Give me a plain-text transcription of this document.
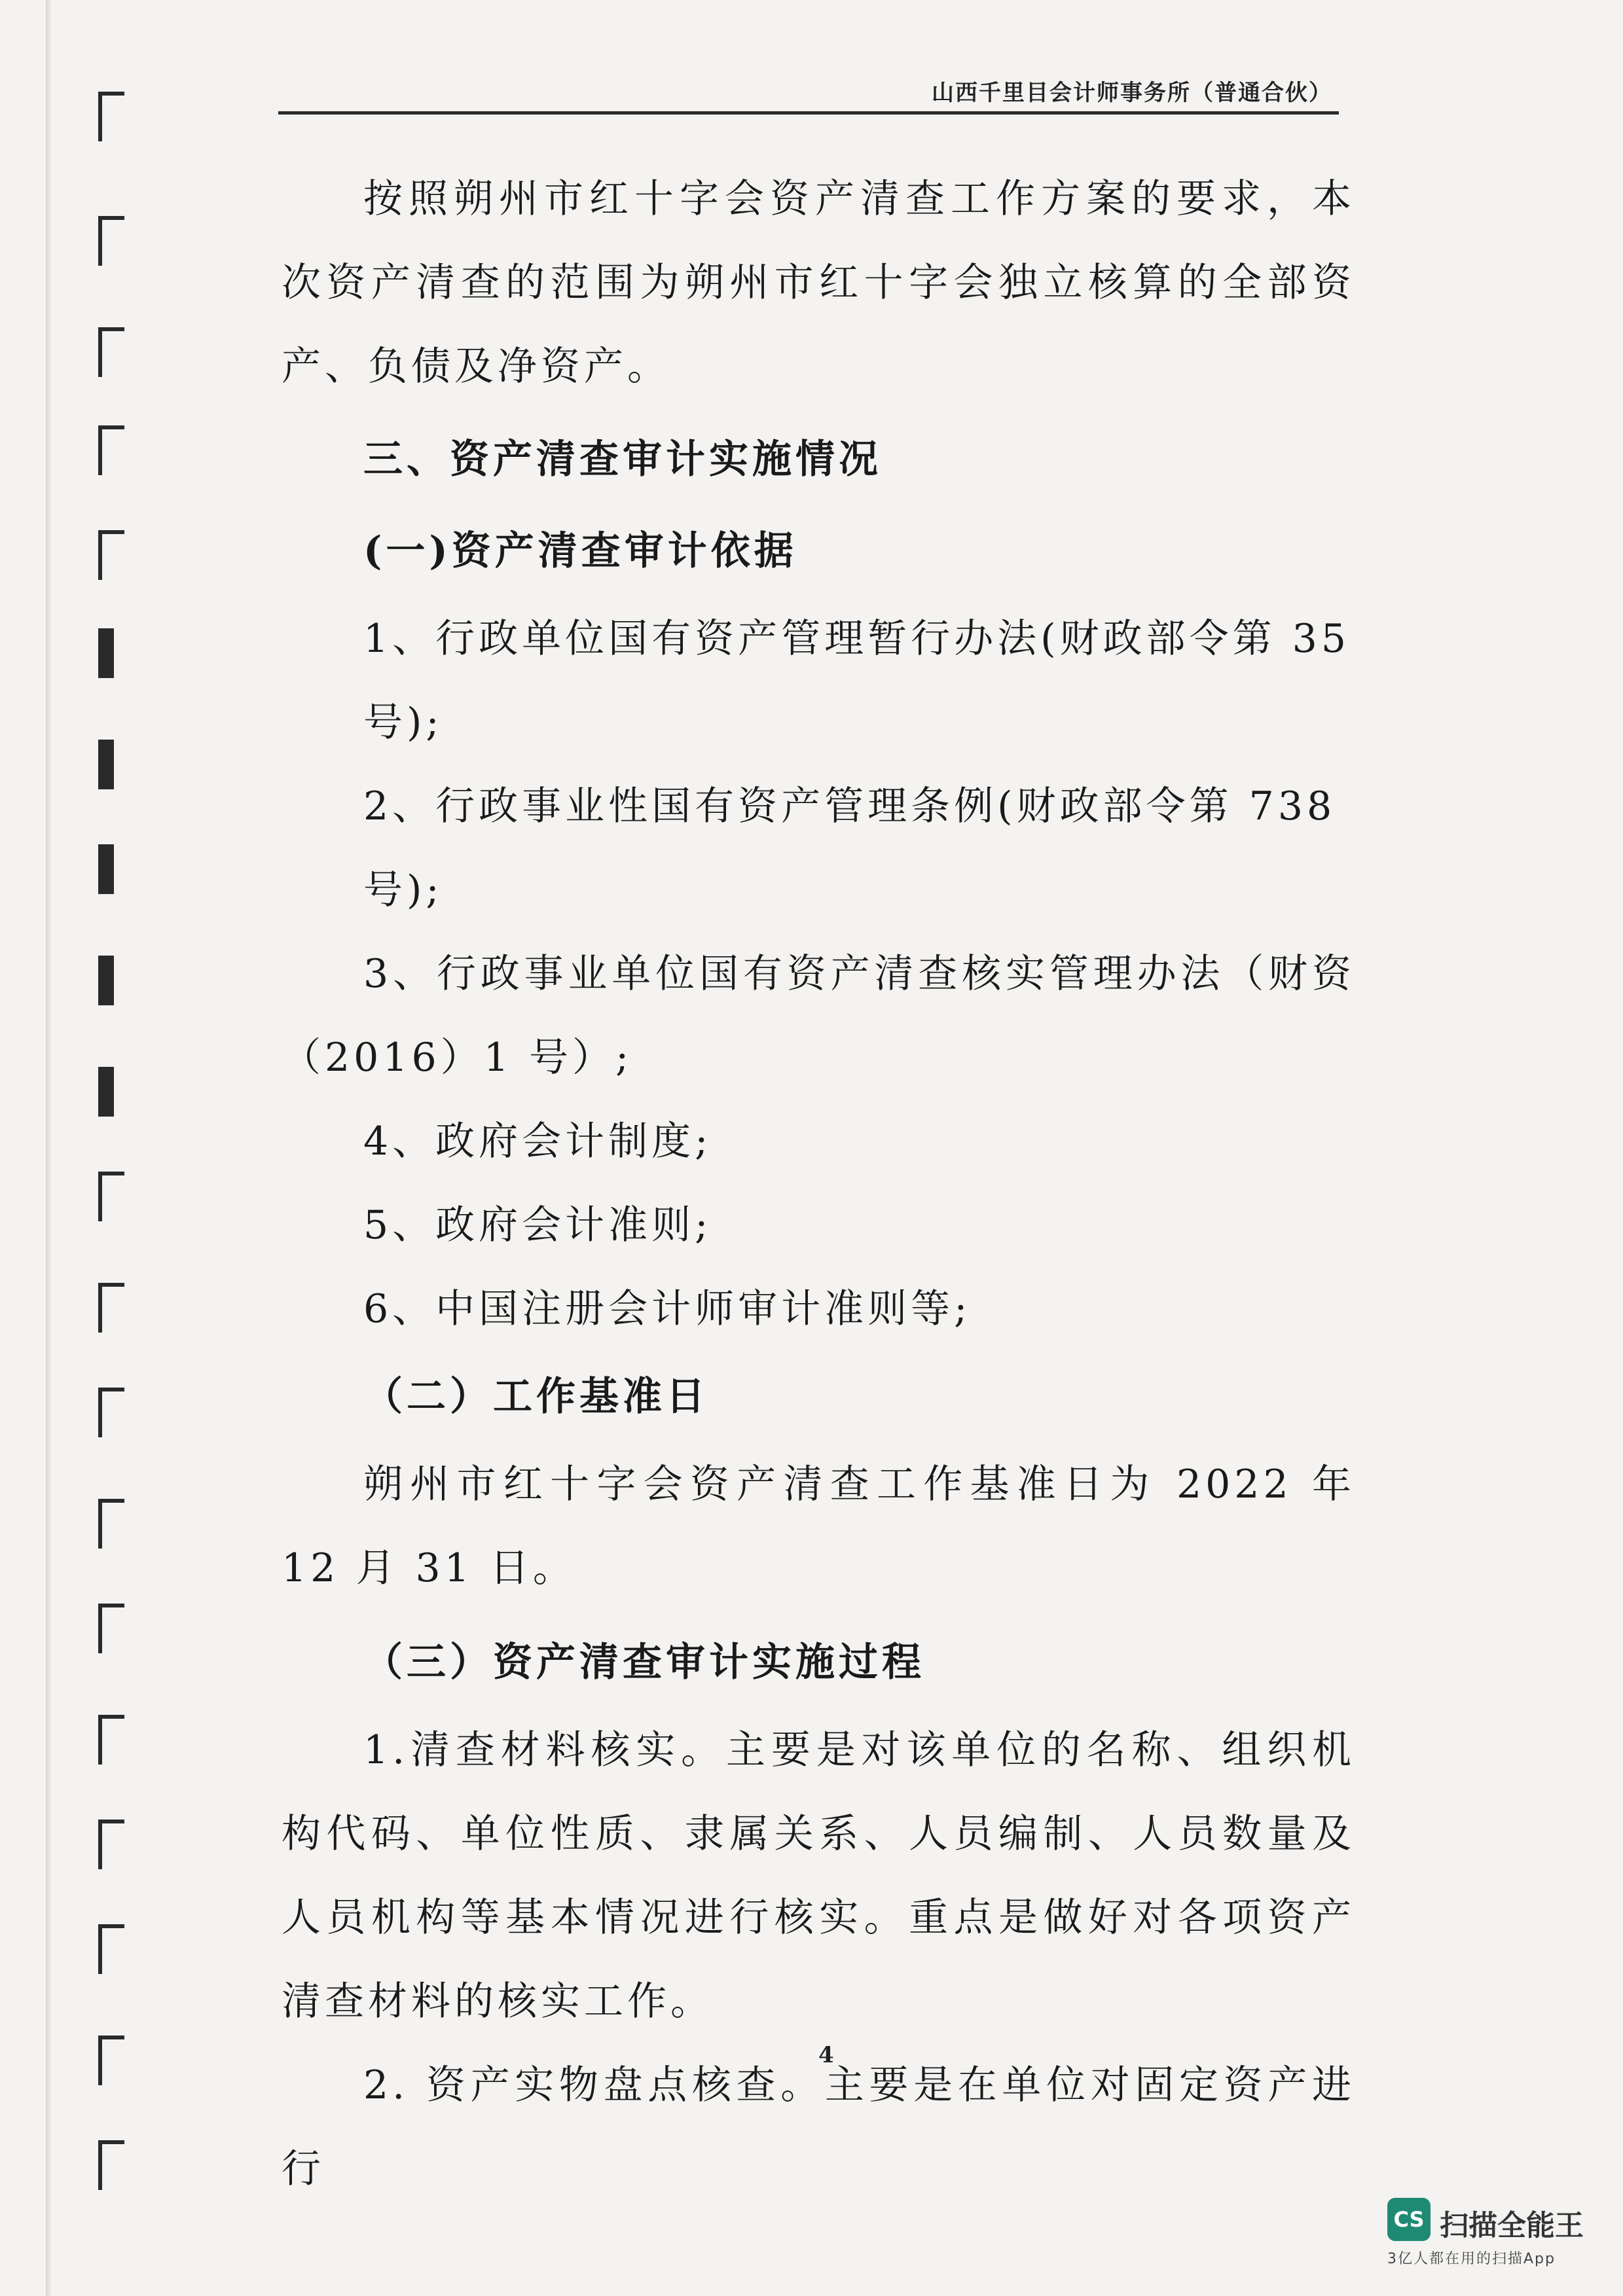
山西千里目会计师事务所（普通合伙）

按照朔州市红十字会资产清查工作方案的要求，本次资产清查的范围为朔州市红十字会独立核算的全部资产、负债及净资产。

三、资产清查审计实施情况

(一)资产清查审计依据

1、行政单位国有资产管理暂行办法(财政部令第 35 号);

2、行政事业性国有资产管理条例(财政部令第 738 号);

3、行政事业单位国有资产清查核实管理办法（财资（2016）1 号）;

4、政府会计制度;

5、政府会计准则;

6、中国注册会计师审计准则等;

（二）工作基准日

朔州市红十字会资产清查工作基准日为 2022 年 12 月 31 日。

（三）资产清查审计实施过程

1.清查材料核实。主要是对该单位的名称、组织机构代码、单位性质、隶属关系、人员编制、人员数量及人员机构等基本情况进行核实。重点是做好对各项资产清查材料的核实工作。

2. 资产实物盘点核查。主要是在单位对固定资产进行

4
CS 扫描全能王
3亿人都在用的扫描App
